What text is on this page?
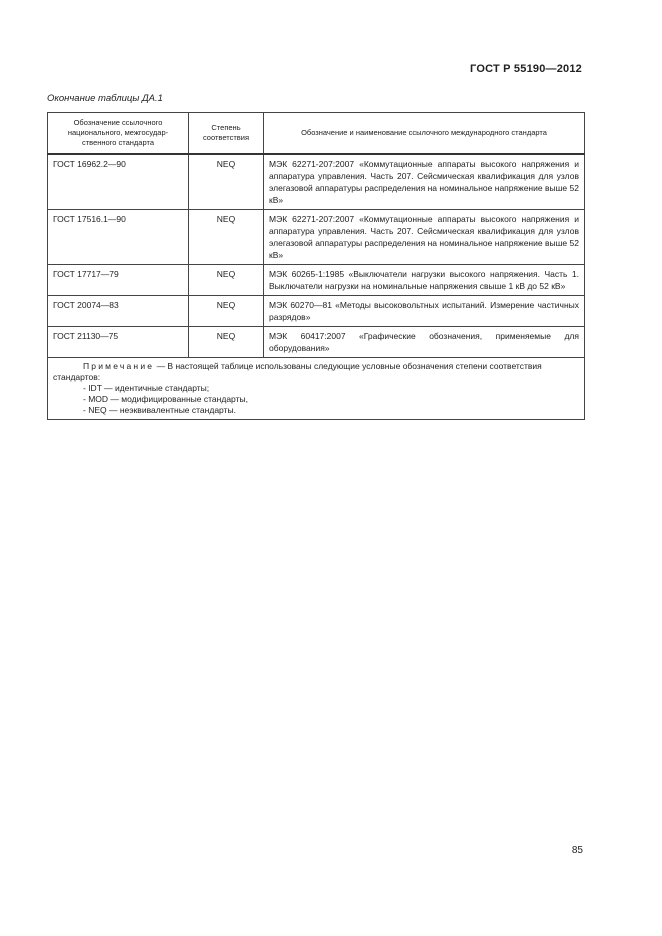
ГОСТ Р 55190—2012
Окончание таблицы ДА.1
Обозначение ссылочного национального, межгосудар-ственного стандарта	Степень соответствия	Обозначение и наименование ссылочного международного стандарта
ГОСТ 16962.2—90	NEQ	МЭК 62271-207:2007 «Коммутационные аппараты высокого напряжения и аппаратура управления. Часть 207. Сейсмическая квалификация для узлов элегазовой аппаратуры распределения на номинальное напряжение выше 52 кВ»
ГОСТ 17516.1—90	NEQ	МЭК 62271-207:2007 «Коммутационные аппараты высокого напряжения и аппаратура управления. Часть 207. Сейсмическая квалификация для узлов элегазовой аппаратуры распределения на номинальное напряжение выше 52 кВ»
ГОСТ 17717—79	NEQ	МЭК 60265-1:1985 «Выключатели нагрузки высокого напряжения. Часть 1. Выключатели нагрузки на номинальные напряжения свыше 1 кВ до 52 кВ»
ГОСТ 20074—83	NEQ	МЭК 60270—81 «Методы высоковольтных испытаний. Измерение частичных разрядов»
ГОСТ 21130—75	NEQ	МЭК 60417:2007 «Графические обозначения, применяемые для оборудования»

Примечание — В настоящей таблице использованы следующие условные обозначения степени соответствия стандартов:
- IDT — идентичные стандарты;
- MOD — модифицированные стандарты,
- NEQ — неэквивалентные стандарты.		
85
